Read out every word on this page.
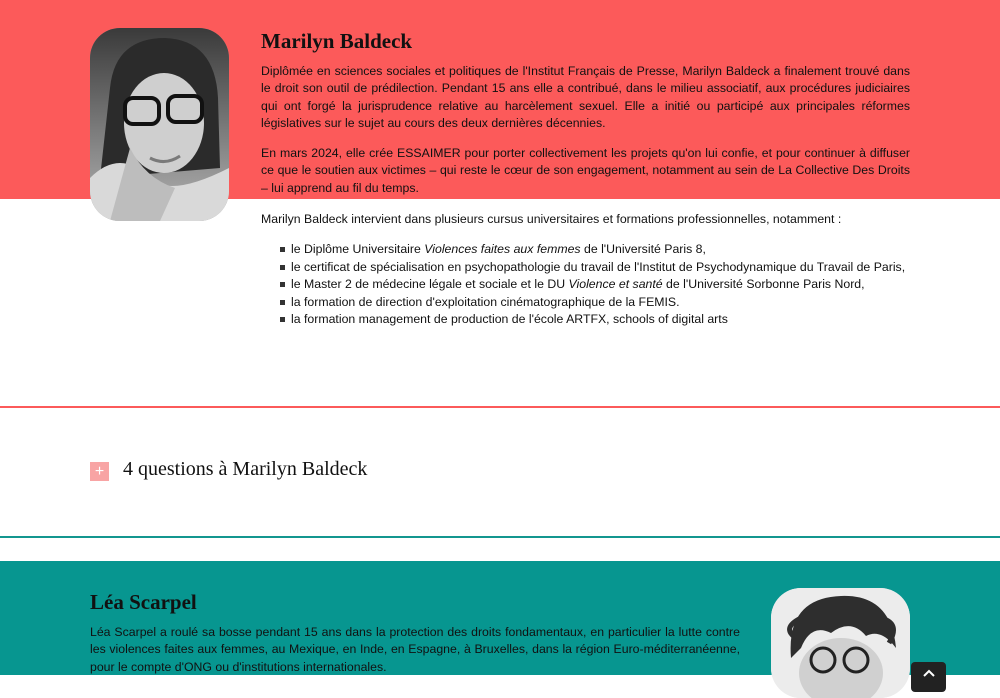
Marilyn Baldeck

Diplômée en sciences sociales et politiques de l'Institut Français de Presse, Marilyn Baldeck a finalement trouvé dans le droit son outil de prédilection. Pendant 15 ans elle a contribué, dans le milieu associatif, aux procédures judiciaires qui ont forgé la jurisprudence relative au harcèlement sexuel. Elle a initié ou participé aux principales réformes législatives sur le sujet au cours des deux dernières décennies.

En mars 2024, elle crée ESSAIMER pour porter collectivement les projets qu'on lui confie, et pour continuer à diffuser ce que le soutien aux victimes – qui reste le cœur de son engagement, notamment au sein de La Collective Des Droits – lui apprend au fil du temps.

Marilyn Baldeck intervient dans plusieurs cursus universitaires et formations professionnelles, notamment :

le Diplôme Universitaire Violences faites aux femmes de l'Université Paris 8,
le certificat de spécialisation en psychopathologie du travail de l'Institut de Psychodynamique du Travail de Paris,
le Master 2 de médecine légale et sociale et le DU Violence et santé de l'Université Sorbonne Paris Nord,
la formation de direction d'exploitation cinématographique de la FEMIS.
la formation management de production de l'école ARTFX, schools of digital arts
+ 4 questions à Marilyn Baldeck
Léa Scarpel

Léa Scarpel a roulé sa bosse pendant 15 ans dans la protection des droits fondamentaux, en particulier la lutte contre les violences faites aux femmes, au Mexique, en Inde, en Espagne, à Bruxelles, dans la région Euro-méditerranéenne, pour le compte d'ONG ou d'institutions internationales.
